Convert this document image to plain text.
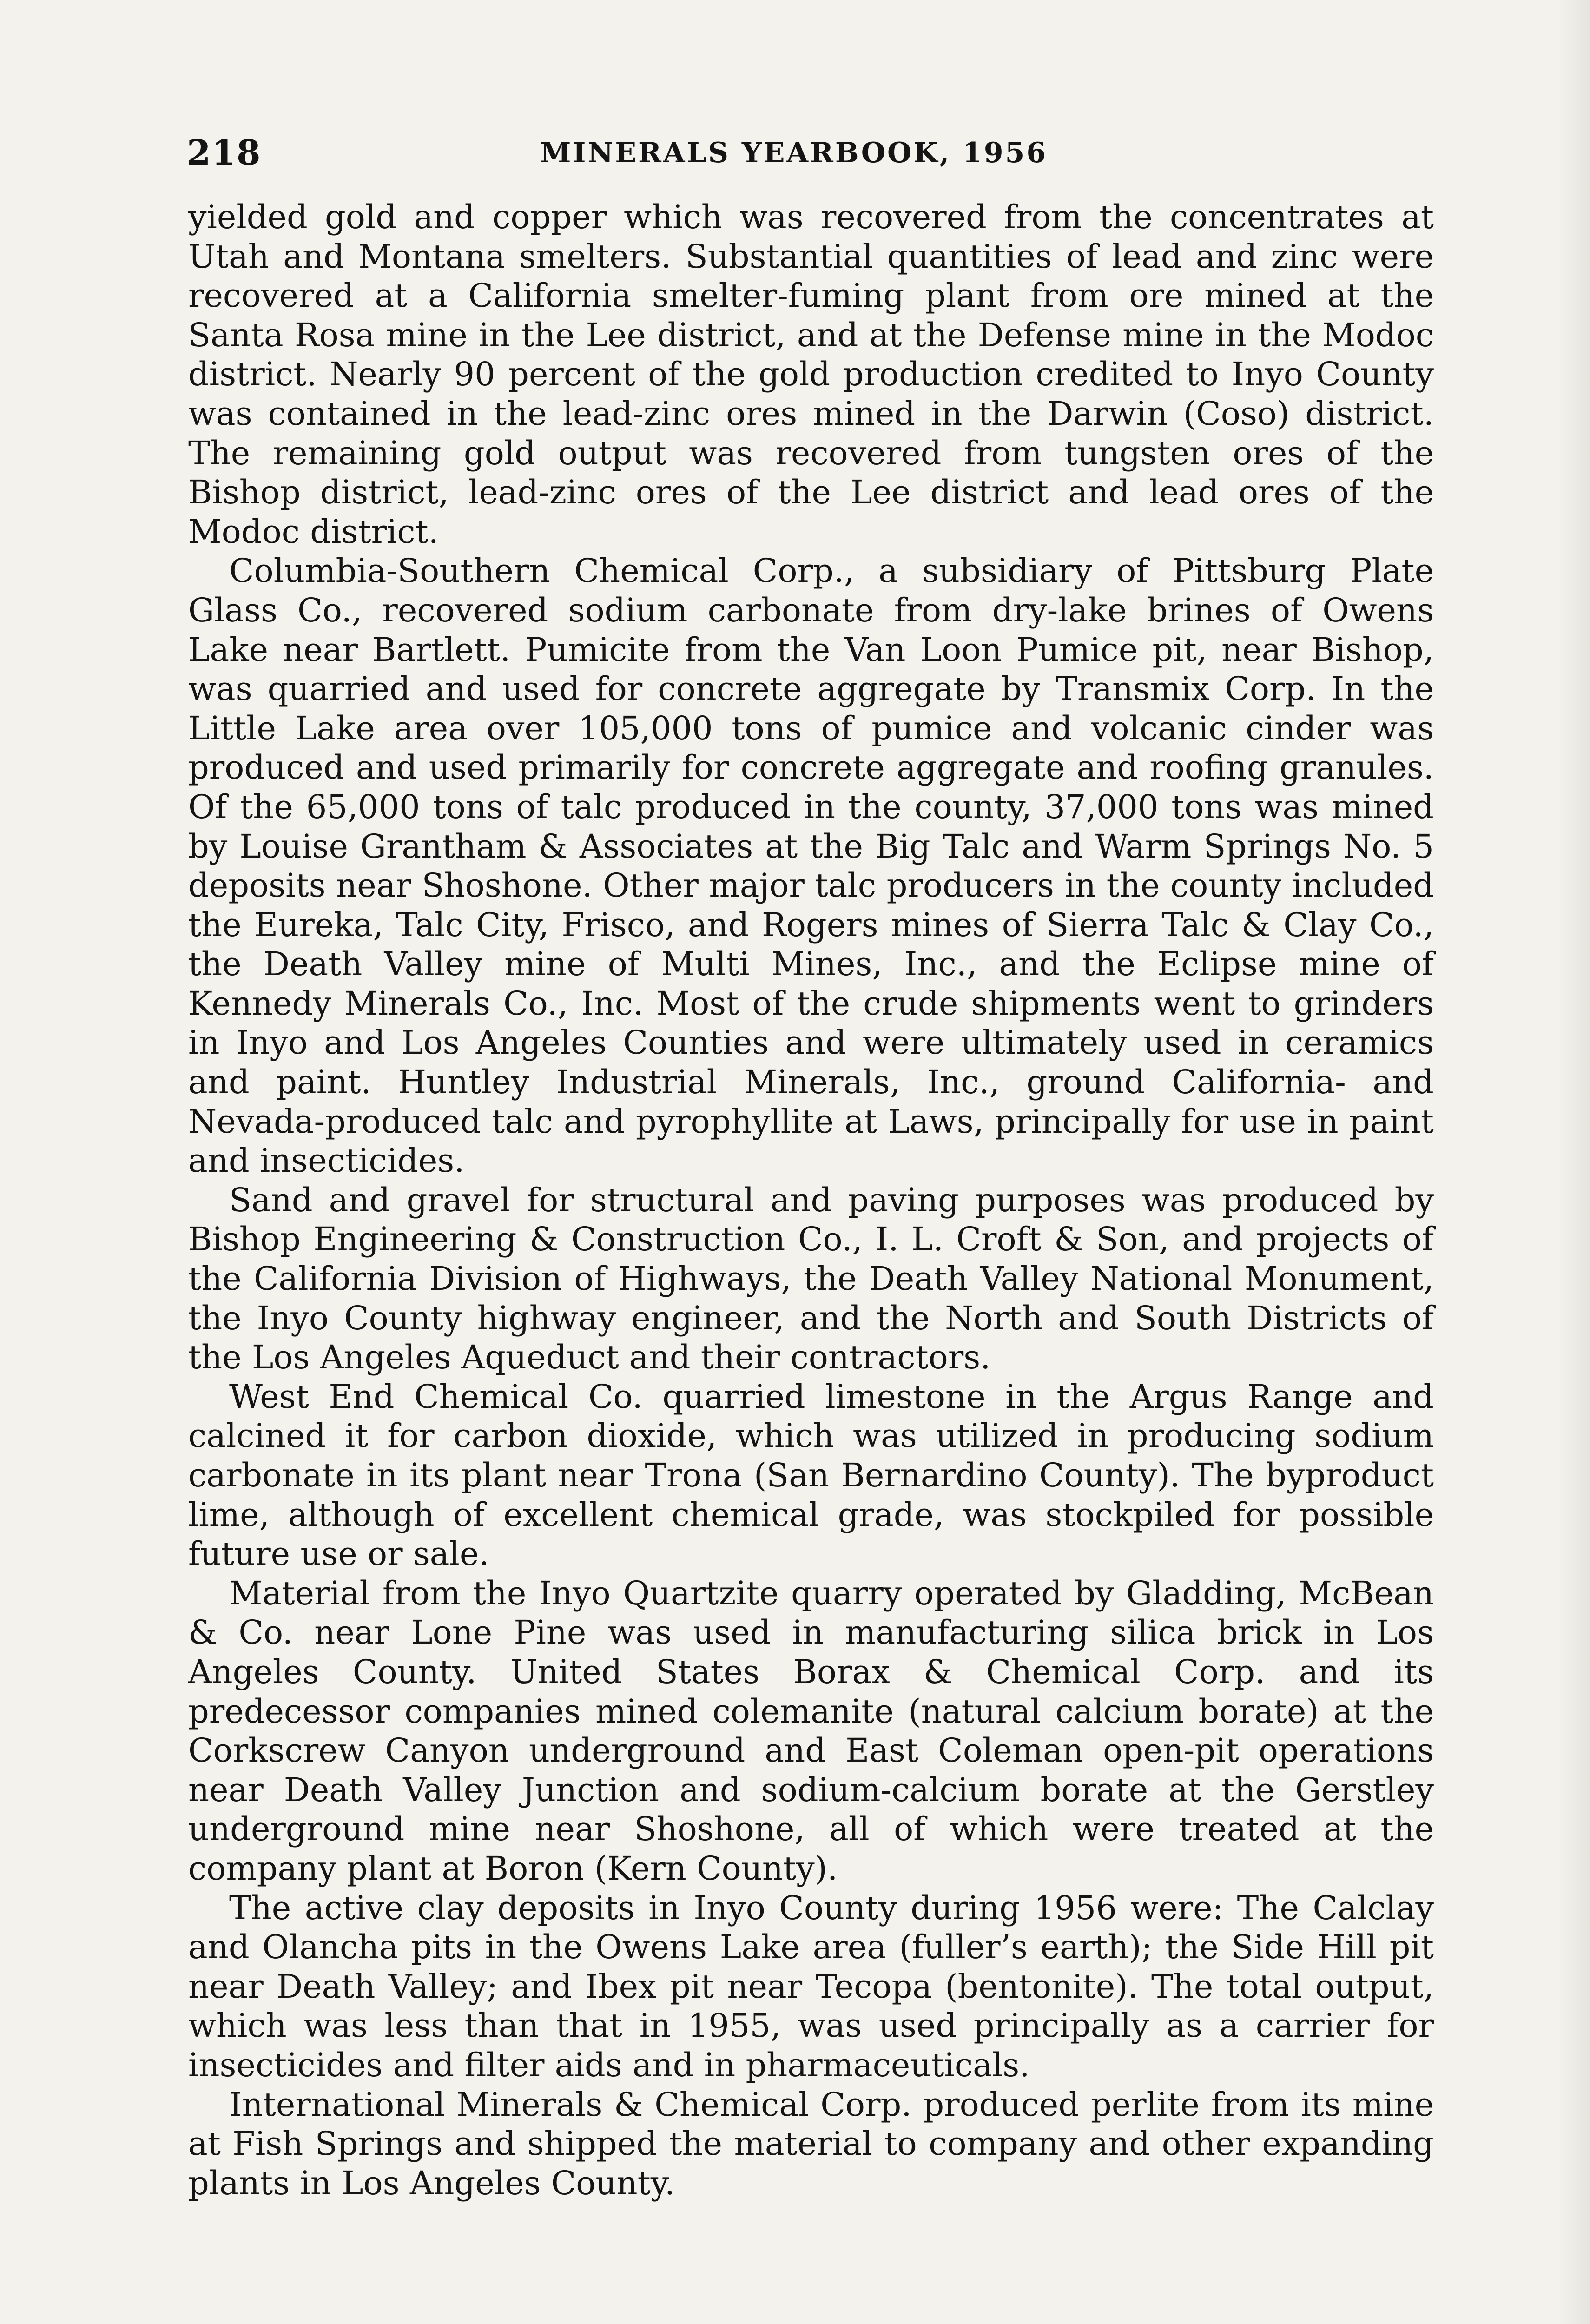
218	MINERALS YEARBOOK, 1956

yielded gold and copper which was recovered from the concentrates at Utah and Montana smelters. Substantial quantities of lead and zinc were recovered at a California smelter-fuming plant from ore mined at the Santa Rosa mine in the Lee district, and at the Defense mine in the Modoc district. Nearly 90 percent of the gold production credited to Inyo County was contained in the lead-zinc ores mined in the Darwin (Coso) district. The remaining gold output was recovered from tungsten ores of the Bishop district, lead-zinc ores of the Lee district and lead ores of the Modoc district.

Columbia-Southern Chemical Corp., a subsidiary of Pittsburg Plate Glass Co., recovered sodium carbonate from dry-lake brines of Owens Lake near Bartlett. Pumicite from the Van Loon Pumice pit, near Bishop, was quarried and used for concrete aggregate by Transmix Corp. In the Little Lake area over 105,000 tons of pumice and volcanic cinder was produced and used primarily for concrete aggregate and roofing granules. Of the 65,000 tons of talc produced in the county, 37,000 tons was mined by Louise Grantham & Associates at the Big Talc and Warm Springs No. 5 deposits near Shoshone. Other major talc producers in the county included the Eureka, Talc City, Frisco, and Rogers mines of Sierra Talc & Clay Co., the Death Valley mine of Multi Mines, Inc., and the Eclipse mine of Kennedy Minerals Co., Inc. Most of the crude shipments went to grinders in Inyo and Los Angeles Counties and were ultimately used in ceramics and paint. Huntley Industrial Minerals, Inc., ground California- and Nevada-produced talc and pyrophyllite at Laws, principally for use in paint and insecticides.

Sand and gravel for structural and paving purposes was produced by Bishop Engineering & Construction Co., I. L. Croft & Son, and projects of the California Division of Highways, the Death Valley National Monument, the Inyo County highway engineer, and the North and South Districts of the Los Angeles Aqueduct and their contractors.

West End Chemical Co. quarried limestone in the Argus Range and calcined it for carbon dioxide, which was utilized in producing sodium carbonate in its plant near Trona (San Bernardino County). The byproduct lime, although of excellent chemical grade, was stockpiled for possible future use or sale.

Material from the Inyo Quartzite quarry operated by Gladding, McBean & Co. near Lone Pine was used in manufacturing silica brick in Los Angeles County. United States Borax & Chemical Corp. and its predecessor companies mined colemanite (natural calcium borate) at the Corkscrew Canyon underground and East Coleman open-pit operations near Death Valley Junction and sodium-calcium borate at the Gerstley underground mine near Shoshone, all of which were treated at the company plant at Boron (Kern County).

The active clay deposits in Inyo County during 1956 were: The Calclay and Olancha pits in the Owens Lake area (fuller’s earth); the Side Hill pit near Death Valley; and Ibex pit near Tecopa (bentonite). The total output, which was less than that in 1955, was used principally as a carrier for insecticides and filter aids and in pharmaceuticals.

International Minerals & Chemical Corp. produced perlite from its mine at Fish Springs and shipped the material to company and other expanding plants in Los Angeles County.
